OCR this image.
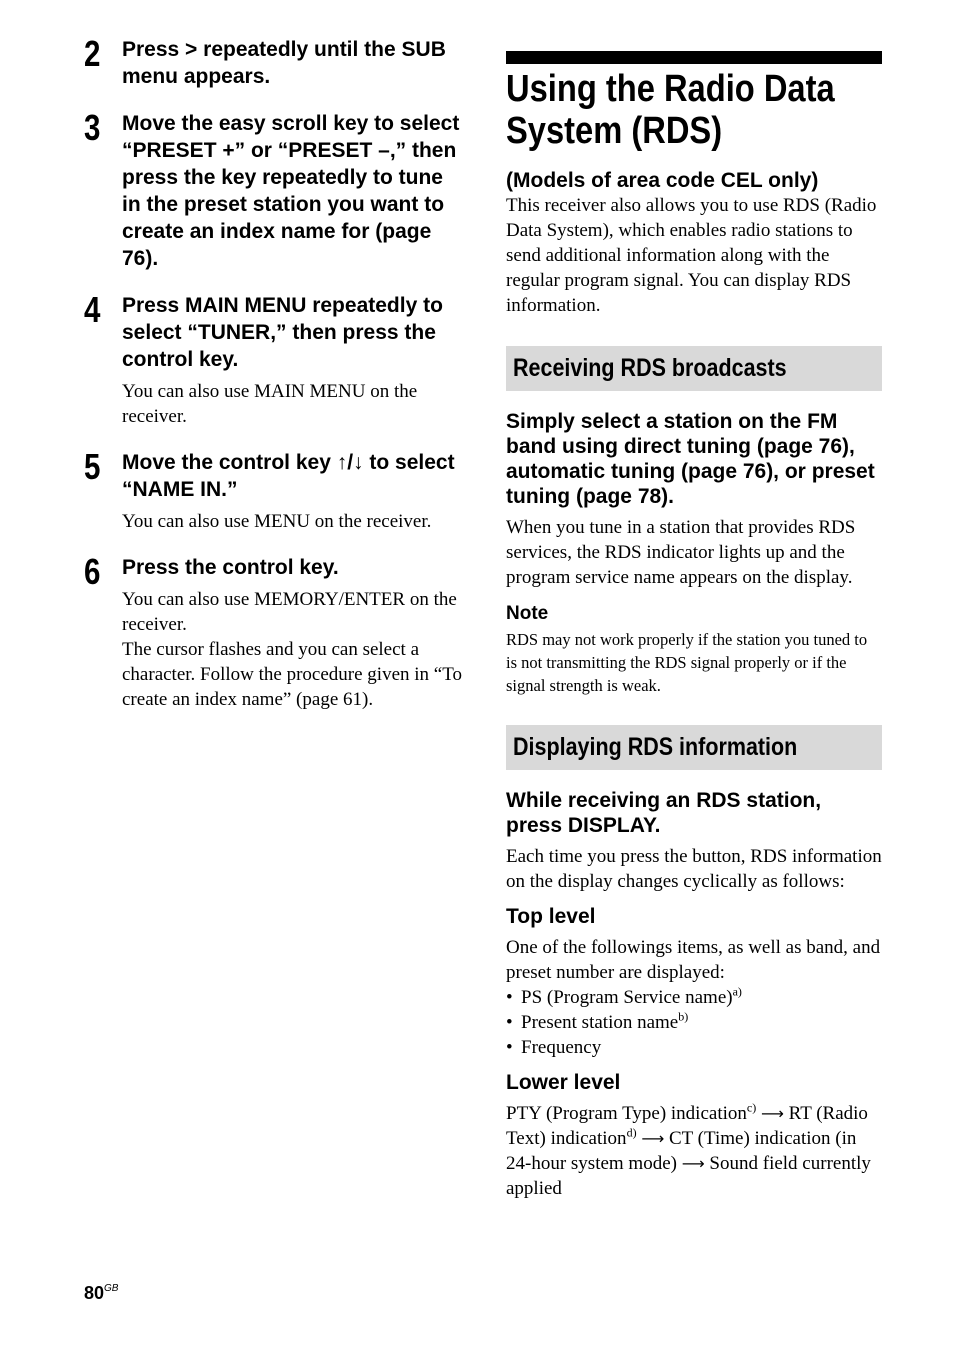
2 Press > repeatedly until the SUB menu appears.

3 Move the easy scroll key to select “PRESET +” or “PRESET –,” then press the key repeatedly to tune in the preset station you want to create an index name for (page 76).

4 Press MAIN MENU repeatedly to select “TUNER,” then press the control key.

You can also use MAIN MENU on the receiver.

5 Move the control key ↑/↓ to select “NAME IN.”

You can also use MENU on the receiver.

6 Press the control key.

You can also use MEMORY/ENTER on the receiver.

The cursor flashes and you can select a character. Follow the procedure given in “To create an index name” (page 61).

Using the Radio Data System (RDS)

(Models of area code CEL only)

This receiver also allows you to use RDS (Radio Data System), which enables radio stations to send additional information along with the regular program signal. You can display RDS information.

Receiving RDS broadcasts

Simply select a station on the FM band using direct tuning (page 76), automatic tuning (page 76), or preset tuning (page 78).

When you tune in a station that provides RDS services, the RDS indicator lights up and the program service name appears on the display.

Note

RDS may not work properly if the station you tuned to is not transmitting the RDS signal properly or if the signal strength is weak.

Displaying RDS information

While receiving an RDS station, press DISPLAY.

Each time you press the button, RDS information on the display changes cyclically as follows:

Top level

One of the followings items, as well as band, and preset number are displayed:

• PS (Program Service name)$^{a)}$
• Present station name$^{b)}$
• Frequency

Lower level

PTY (Program Type) indication$^{c)}$ ⟶ RT (Radio Text) indication$^{d)}$ ⟶ CT (Time) indication (in 24-hour system mode) ⟶ Sound field currently applied

$80^{GB}$
